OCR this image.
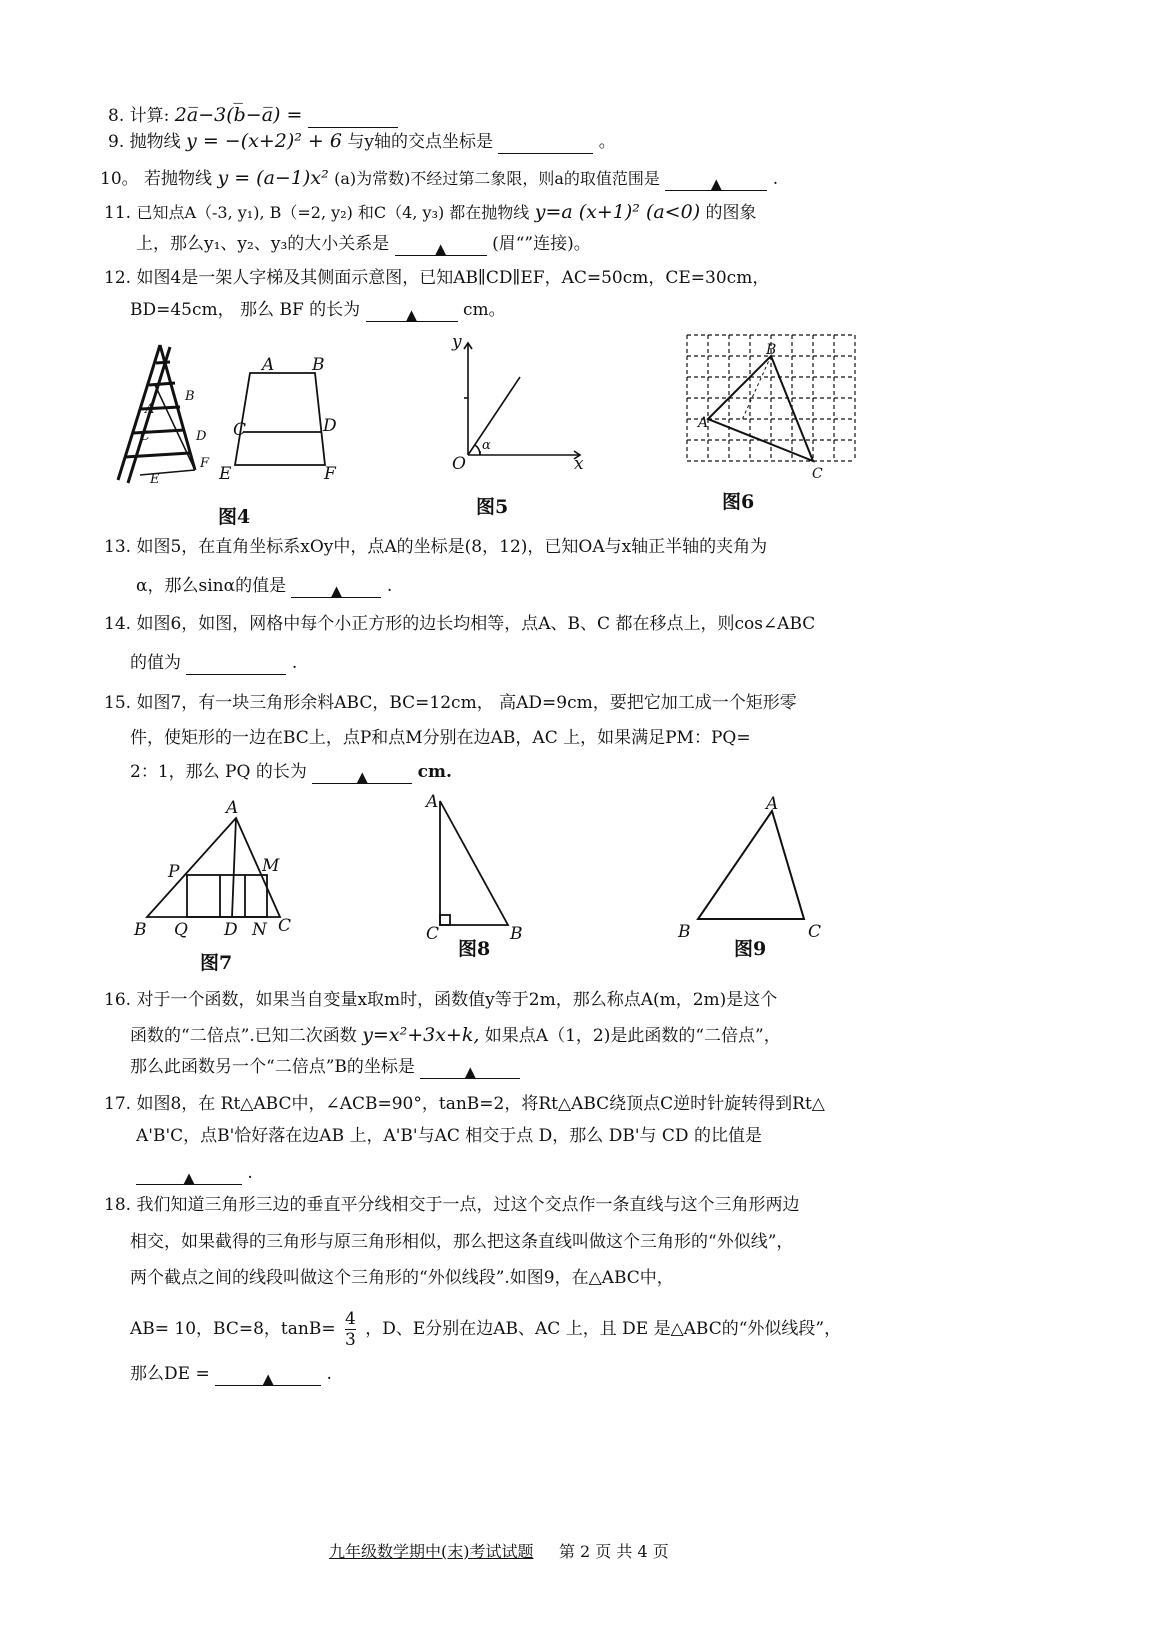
8. 计算: 2a̅−3(b̅−a̅) =
9. 抛物线 y = −(x+2)² + 6 与y轴的交点坐标是	。
10。 若抛物线 y = (a−1)x² (a)为常数)不经过第二象限，则a的取值范围是	▲	.
11. 已知点A（-3, y₁), B（=2, y₂) 和C（4, y₃) 都在抛物线 y=a (x+1)² (a<0) 的图象
上，那么y₁、y₂、y₃的大小关系是	▲	(眉“”连接)。
12. 如图4是一架人字梯及其侧面示意图，已知AB∥CD∥EF，AC=50cm，CE=30cm，
BD=45cm， 那么 BF 的长为	▲	cm。
B
A
C	D
F
E
A B
C	D
E	F
图4
y
x
O
α
图5
A
B
C
图6
13. 如图5，在直角坐标系xOy中，点A的坐标是(8，12)，已知OA与x轴正半轴的夹角为
α，那么sinα的值是	▲	.
14. 如图6，如图，网格中每个小正方形的边长均相等，点A、B、C 都在移点上，则cos∠ABC
的值为	.
15. 如图7，有一块三角形余料ABC，BC=12cm， 高AD=9cm，要把它加工成一个矩形零
件，使矩形的一边在BC上，点P和点M分别在边AB，AC 上，如果满足PM：PQ=
2：1，那么 PQ 的长为	▲	cm.
A
P	M
B Q D N C
图7
A
C	B
图8
A
B	C
图9
16. 对于一个函数，如果当自变量x取m时，函数值y等于2m，那么称点A(m，2m)是这个
函数的“二倍点”.已知二次函数 y=x²+3x+k, 如果点A（1，2)是此函数的“二倍点”，
那么此函数另一个“二倍点”B的坐标是	▲
17. 如图8，在 Rt△ABC中，∠ACB=90°，tanB=2，将Rt△ABC绕顶点C逆时针旋转得到Rt△
A'B'C，点B'恰好落在边AB 上，A'B'与AC 相交于点 D，那么 DB'与 CD 的比值是
▲	.
18. 我们知道三角形三边的垂直平分线相交于一点，过这个交点作一条直线与这个三角形两边
相交，如果截得的三角形与原三角形相似，那么把这条直线叫做这个三角形的“外似线”，
两个截点之间的线段叫做这个三角形的“外似线段”.如图9，在△ABC中，
AB= 10，BC=8，$\tan B= \frac{4}{3}$ ，D、E分别在边AB、AC 上，且 DE 是△ABC的“外似线段”，
那么DE =	▲	.
九年级数学期中(末)考试试题 第 2 页 共 4 页
